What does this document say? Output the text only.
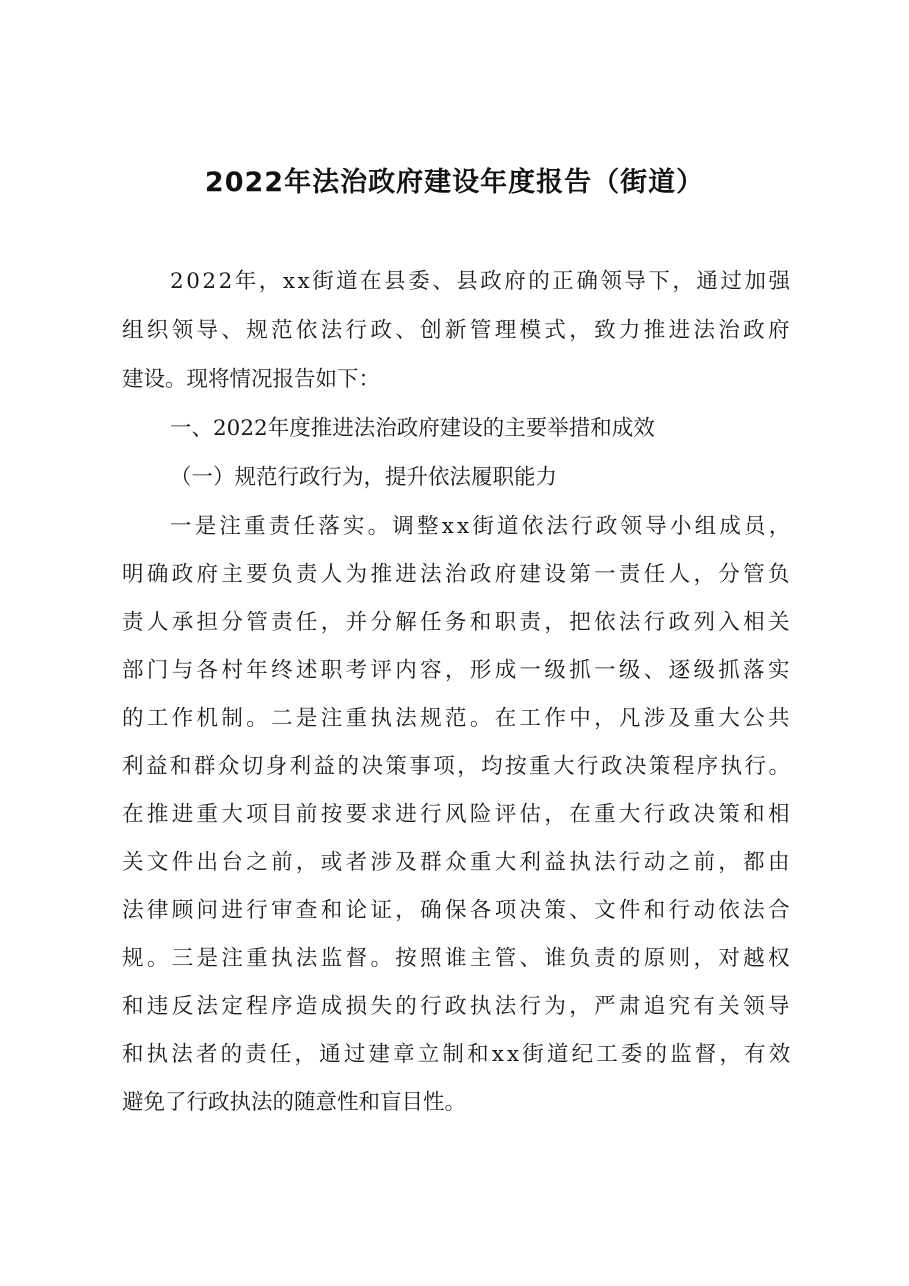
2022年法治政府建设年度报告（街道）
2022年，xx街道在县委、县政府的正确领导下，通过加强
组织领导、规范依法行政、创新管理模式，致力推进法治政府
建设。现将情况报告如下：
一、2022年度推进法治政府建设的主要举措和成效
（一）规范行政行为，提升依法履职能力
一是注重责任落实。调整xx街道依法行政领导小组成员，
明确政府主要负责人为推进法治政府建设第一责任人，分管负
责人承担分管责任，并分解任务和职责，把依法行政列入相关
部门与各村年终述职考评内容，形成一级抓一级、逐级抓落实
的工作机制。二是注重执法规范。在工作中，凡涉及重大公共
利益和群众切身利益的决策事项，均按重大行政决策程序执行。
在推进重大项目前按要求进行风险评估，在重大行政决策和相
关文件出台之前，或者涉及群众重大利益执法行动之前，都由
法律顾问进行审查和论证，确保各项决策、文件和行动依法合
规。三是注重执法监督。按照谁主管、谁负责的原则，对越权
和违反法定程序造成损失的行政执法行为，严肃追究有关领导
和执法者的责任，通过建章立制和xx街道纪工委的监督，有效
避免了行政执法的随意性和盲目性。
